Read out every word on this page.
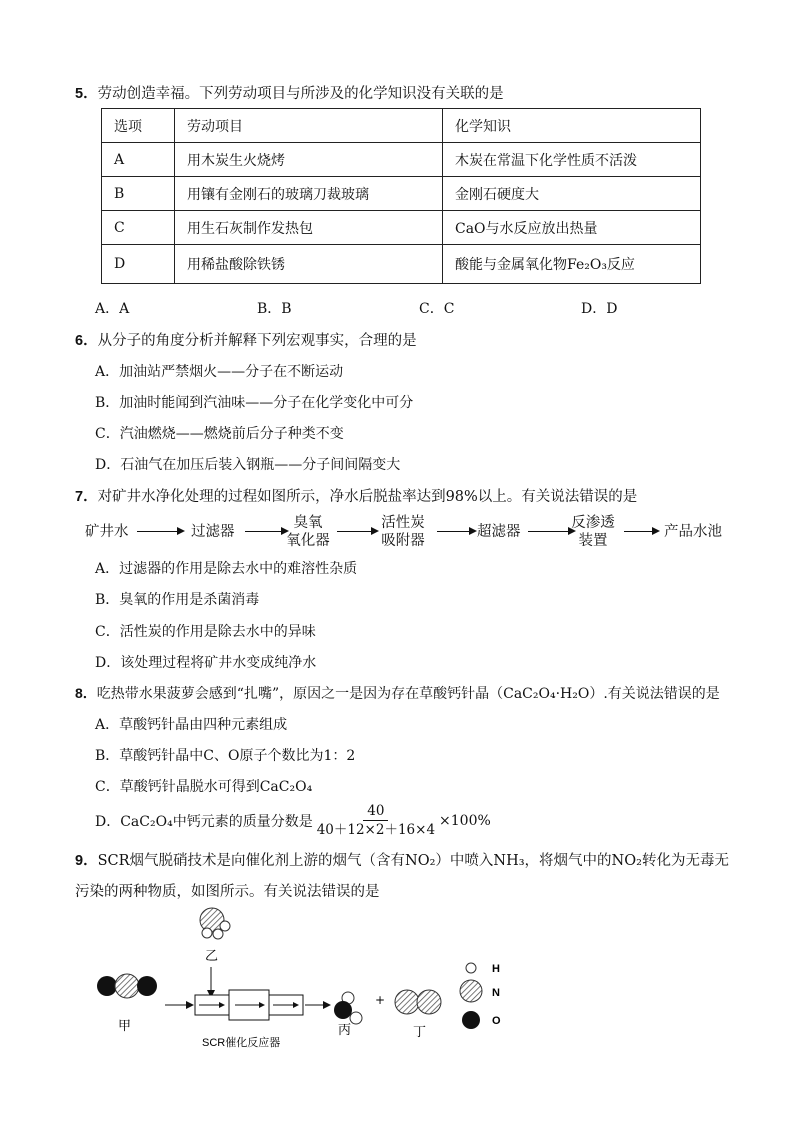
5．劳动创造幸福。下列劳动项目与所涉及的化学知识没有关联的是
选项	劳动项目	化学知识
A	用木炭生火烧烤	木炭在常温下化学性质不活泼
B	用镶有金刚石的玻璃刀裁玻璃	金刚石硬度大
C	用生石灰制作发热包	CaO与水反应放出热量
D	用稀盐酸除铁锈	酸能与金属氧化物Fe₂O₃反应
A．A	B．B	C．C	D．D
6．从分子的角度分析并解释下列宏观事实，合理的是
A．加油站严禁烟火——分子在不断运动
B．加油时能闻到汽油味——分子在化学变化中可分
C．汽油燃烧——燃烧前后分子种类不变
D．石油气在加压后装入钢瓶——分子间间隔变大
7．对矿井水净化处理的过程如图所示，净水后脱盐率达到98%以上。有关说法错误的是
矿井水	过滤器
臭氧
氧化器
活性炭
吸附器
超滤器
反渗透
装置
产品水池
A．过滤器的作用是除去水中的难溶性杂质
B．臭氧的作用是杀菌消毒
C．活性炭的作用是除去水中的异味
D．该处理过程将矿井水变成纯净水
8．吃热带水果菠萝会感到“扎嘴”，原因之一是因为存在草酸钙针晶（CaC₂O₄·H₂O）.有关说法错误的是
A．草酸钙针晶由四种元素组成
B．草酸钙针晶中C、O原子个数比为1：2
C．草酸钙针晶脱水可得到CaC₂O₄
D．CaC₂O₄中钙元素的质量分数是 $\frac{40}{40+12\times 2+16\times 4} \times 100\%$
9．SCR烟气脱硝技术是向催化剂上游的烟气（含有NO₂）中喷入NH₃，将烟气中的NO₂转化为无毒无
污染的两种物质，如图所示。有关说法错误的是
乙
甲
SCR催化反应器
丙
+
丁
H
N
O
